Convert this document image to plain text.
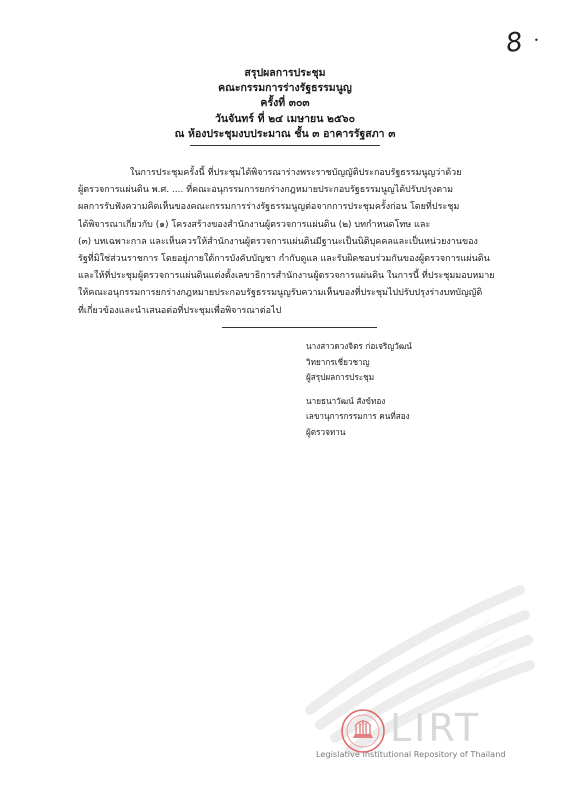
8 •
สรุปผลการประชุม
คณะกรรมการร่างรัฐธรรมนูญ
ครั้งที่ ๓๐๓
วันจันทร์ ที่ ๒๔ เมษายน ๒๕๖๐
ณ ห้องประชุมงบประมาณ ชั้น ๓ อาคารรัฐสภา ๓
ในการประชุมครั้งนี้ ที่ประชุมได้พิจารณาร่างพระราชบัญญัติประกอบรัฐธรรมนูญว่าด้วย
ผู้ตรวจการแผ่นดิน พ.ศ. .... ที่คณะอนุกรรมการยกร่างกฎหมายประกอบรัฐธรรมนูญได้ปรับปรุงตาม
ผลการรับฟังความคิดเห็นของคณะกรรมการร่างรัฐธรรมนูญต่อจากการประชุมครั้งก่อน โดยที่ประชุม
ได้พิจารณาเกี่ยวกับ (๑) โครงสร้างของสำนักงานผู้ตรวจการแผ่นดิน (๒) บทกำหนดโทษ และ
(๓) บทเฉพาะกาล และเห็นควรให้สำนักงานผู้ตรวจการแผ่นดินมีฐานะเป็นนิติบุคคลและเป็นหน่วยงานของ
รัฐที่มิใช่ส่วนราชการ โดยอยู่ภายใต้การบังคับบัญชา กำกับดูแล และรับผิดชอบร่วมกันของผู้ตรวจการแผ่นดิน
และให้ที่ประชุมผู้ตรวจการแผ่นดินแต่งตั้งเลขาธิการสำนักงานผู้ตรวจการแผ่นดิน ในการนี้ ที่ประชุมมอบหมาย
ให้คณะอนุกรรมการยกร่างกฎหมายประกอบรัฐธรรมนูญรับความเห็นของที่ประชุมไปปรับปรุงร่างบทบัญญัติ
ที่เกี่ยวข้องและนำเสนอต่อที่ประชุมเพื่อพิจารณาต่อไป
นางสาวดวงจิตร ก่อเจริญวัฒน์
วิทยากรเชี่ยวชาญ
ผู้สรุปผลการประชุม
นายธนาวัฒน์ สังข์ทอง
เลขานุการกรรมการ คนที่สอง
ผู้ตรวจทาน
LIRT
Legislative Institutional Repository of Thailand
